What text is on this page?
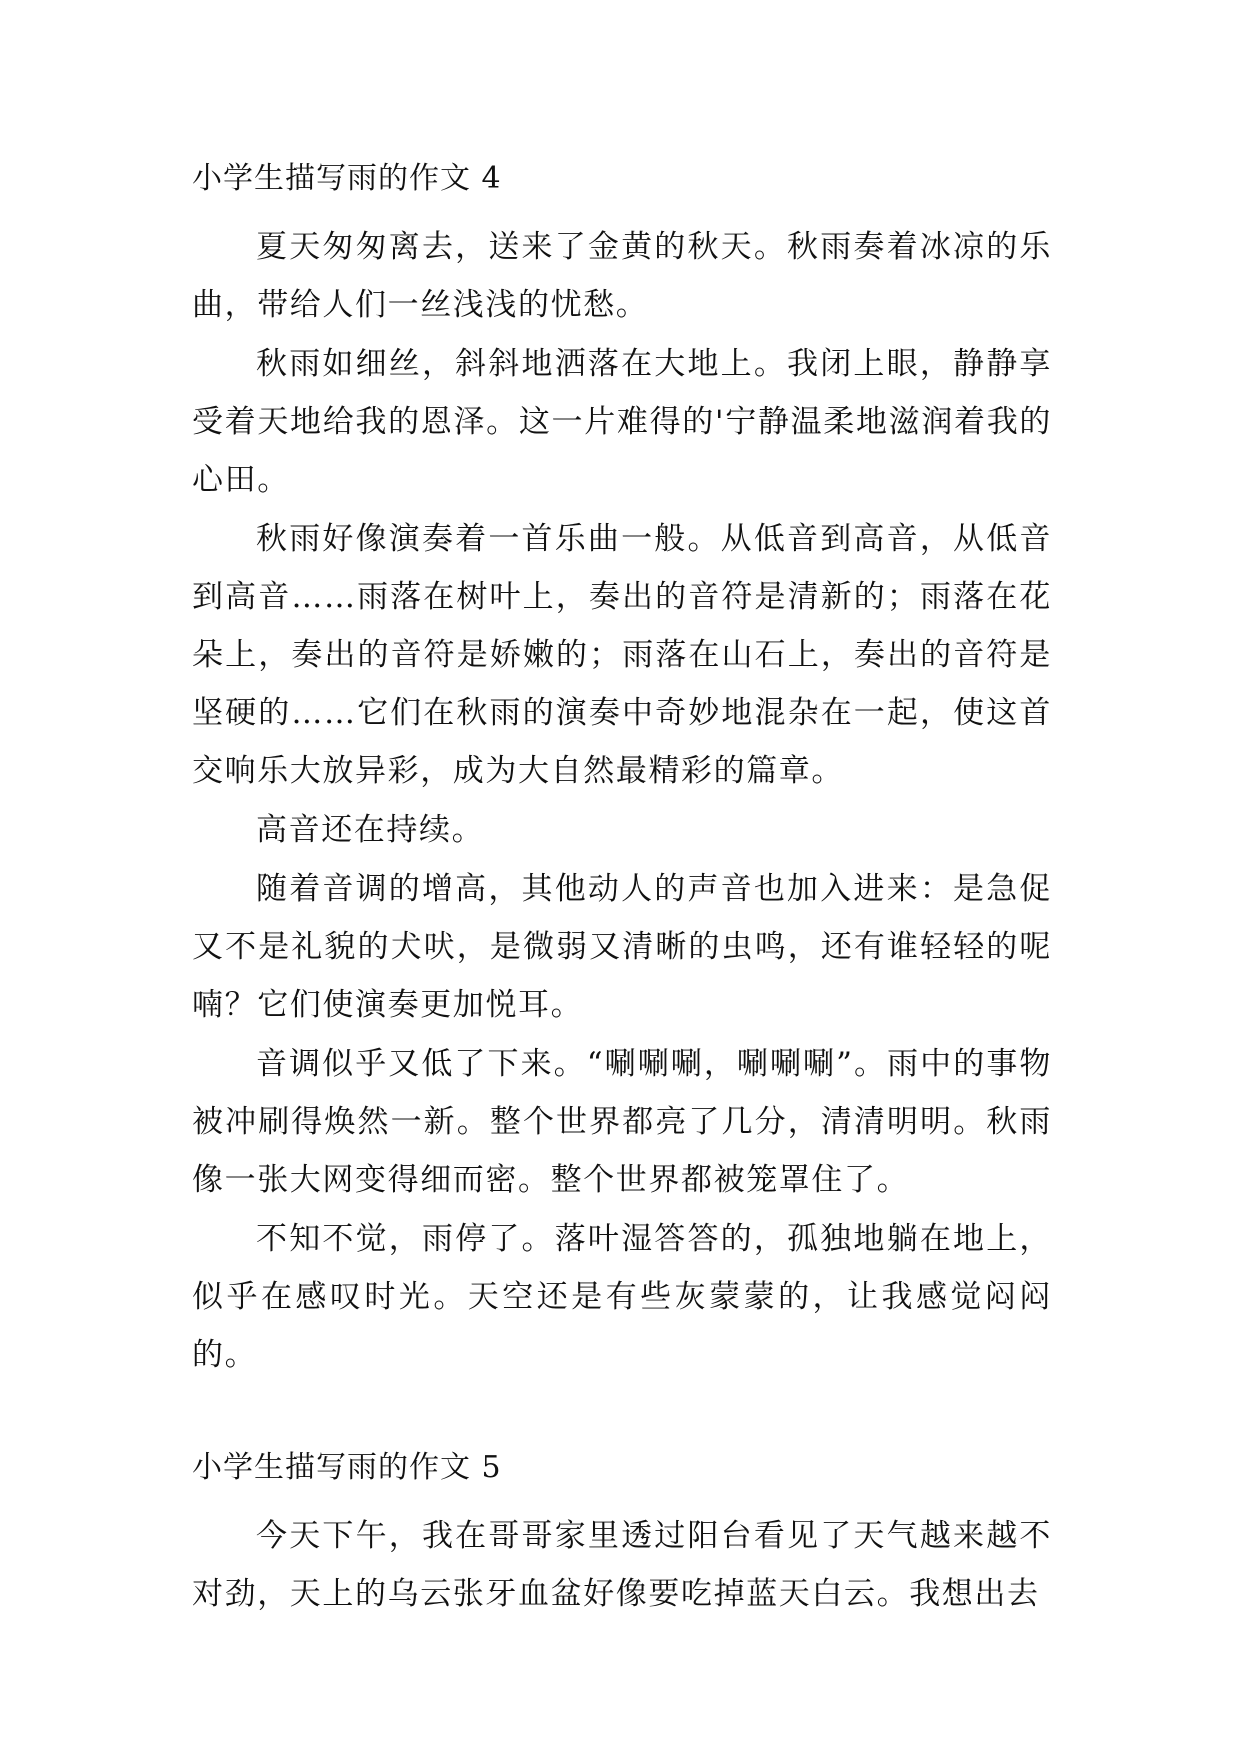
小学生描写雨的作文 4

夏天匆匆离去，送来了金黄的秋天。秋雨奏着冰凉的乐曲，带给人们一丝浅浅的忧愁。

秋雨如细丝，斜斜地洒落在大地上。我闭上眼，静静享受着天地给我的恩泽。这一片难得的'宁静温柔地滋润着我的心田。

秋雨好像演奏着一首乐曲一般。从低音到高音，从低音到高音……雨落在树叶上，奏出的音符是清新的；雨落在花朵上，奏出的音符是娇嫩的；雨落在山石上，奏出的音符是坚硬的……它们在秋雨的演奏中奇妙地混杂在一起，使这首交响乐大放异彩，成为大自然最精彩的篇章。

高音还在持续。

随着音调的增高，其他动人的声音也加入进来：是急促又不是礼貌的犬吠，是微弱又清晰的虫鸣，还有谁轻轻的呢喃？它们使演奏更加悦耳。

音调似乎又低了下来。“唰唰唰，唰唰唰”。雨中的事物被冲刷得焕然一新。整个世界都亮了几分，清清明明。秋雨像一张大网变得细而密。整个世界都被笼罩住了。

不知不觉，雨停了。落叶湿答答的，孤独地躺在地上，似乎在感叹时光。天空还是有些灰蒙蒙的，让我感觉闷闷的。

小学生描写雨的作文 5

今天下午，我在哥哥家里透过阳台看见了天气越来越不对劲，天上的乌云张牙血盆好像要吃掉蓝天白云。我想出去
